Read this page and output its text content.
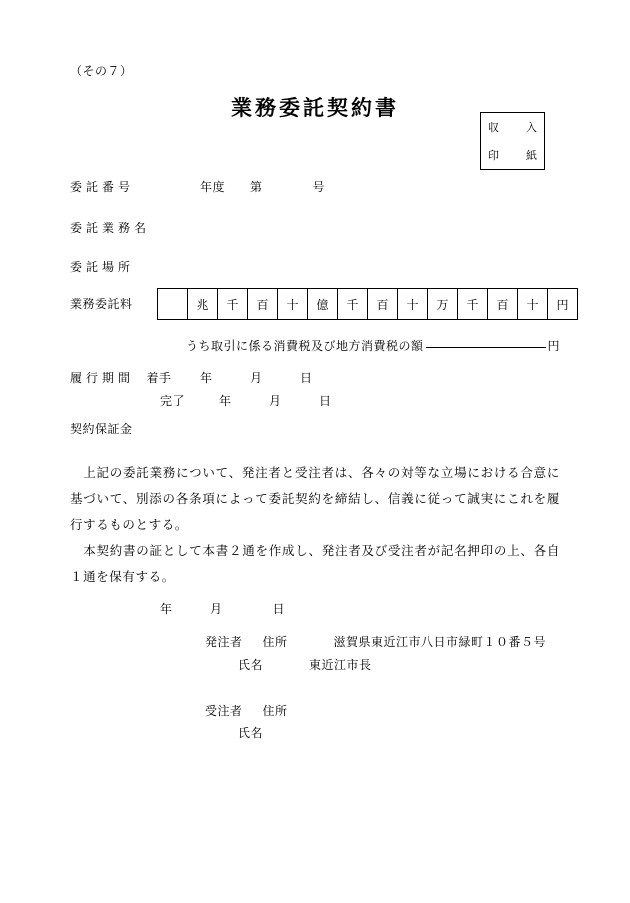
（その７）
業務委託契約書
収 入
印 紙
委 託 番 号	年度　　第　　　　号
委 託 業 務 名
委 託 場 所
業務委託料
		兆	千	百	十	億	千	百	十	万	千	百	十	円
うち取引に係る消費税及び地方消費税の額	円
履 行 期 間　 着手 年　　　月　　　日
完了	年　　　月　　　日
契約保証金
　上記の委託業務について、発注者と受注者は、各々の対等な立場における合意に基づいて、別添の各条項によって委託契約を締結し、信義に従って誠実にこれを履行するものとする。
　本契約書の証として本書２通を作成し、発注者及び受注者が記名押印の上、各自１通を保有する。
年　　　月　　　　日
発注者 住所	滋賀県東近江市八日市緑町１０番５号
氏名	東近江市長
受注者 住所
氏名
